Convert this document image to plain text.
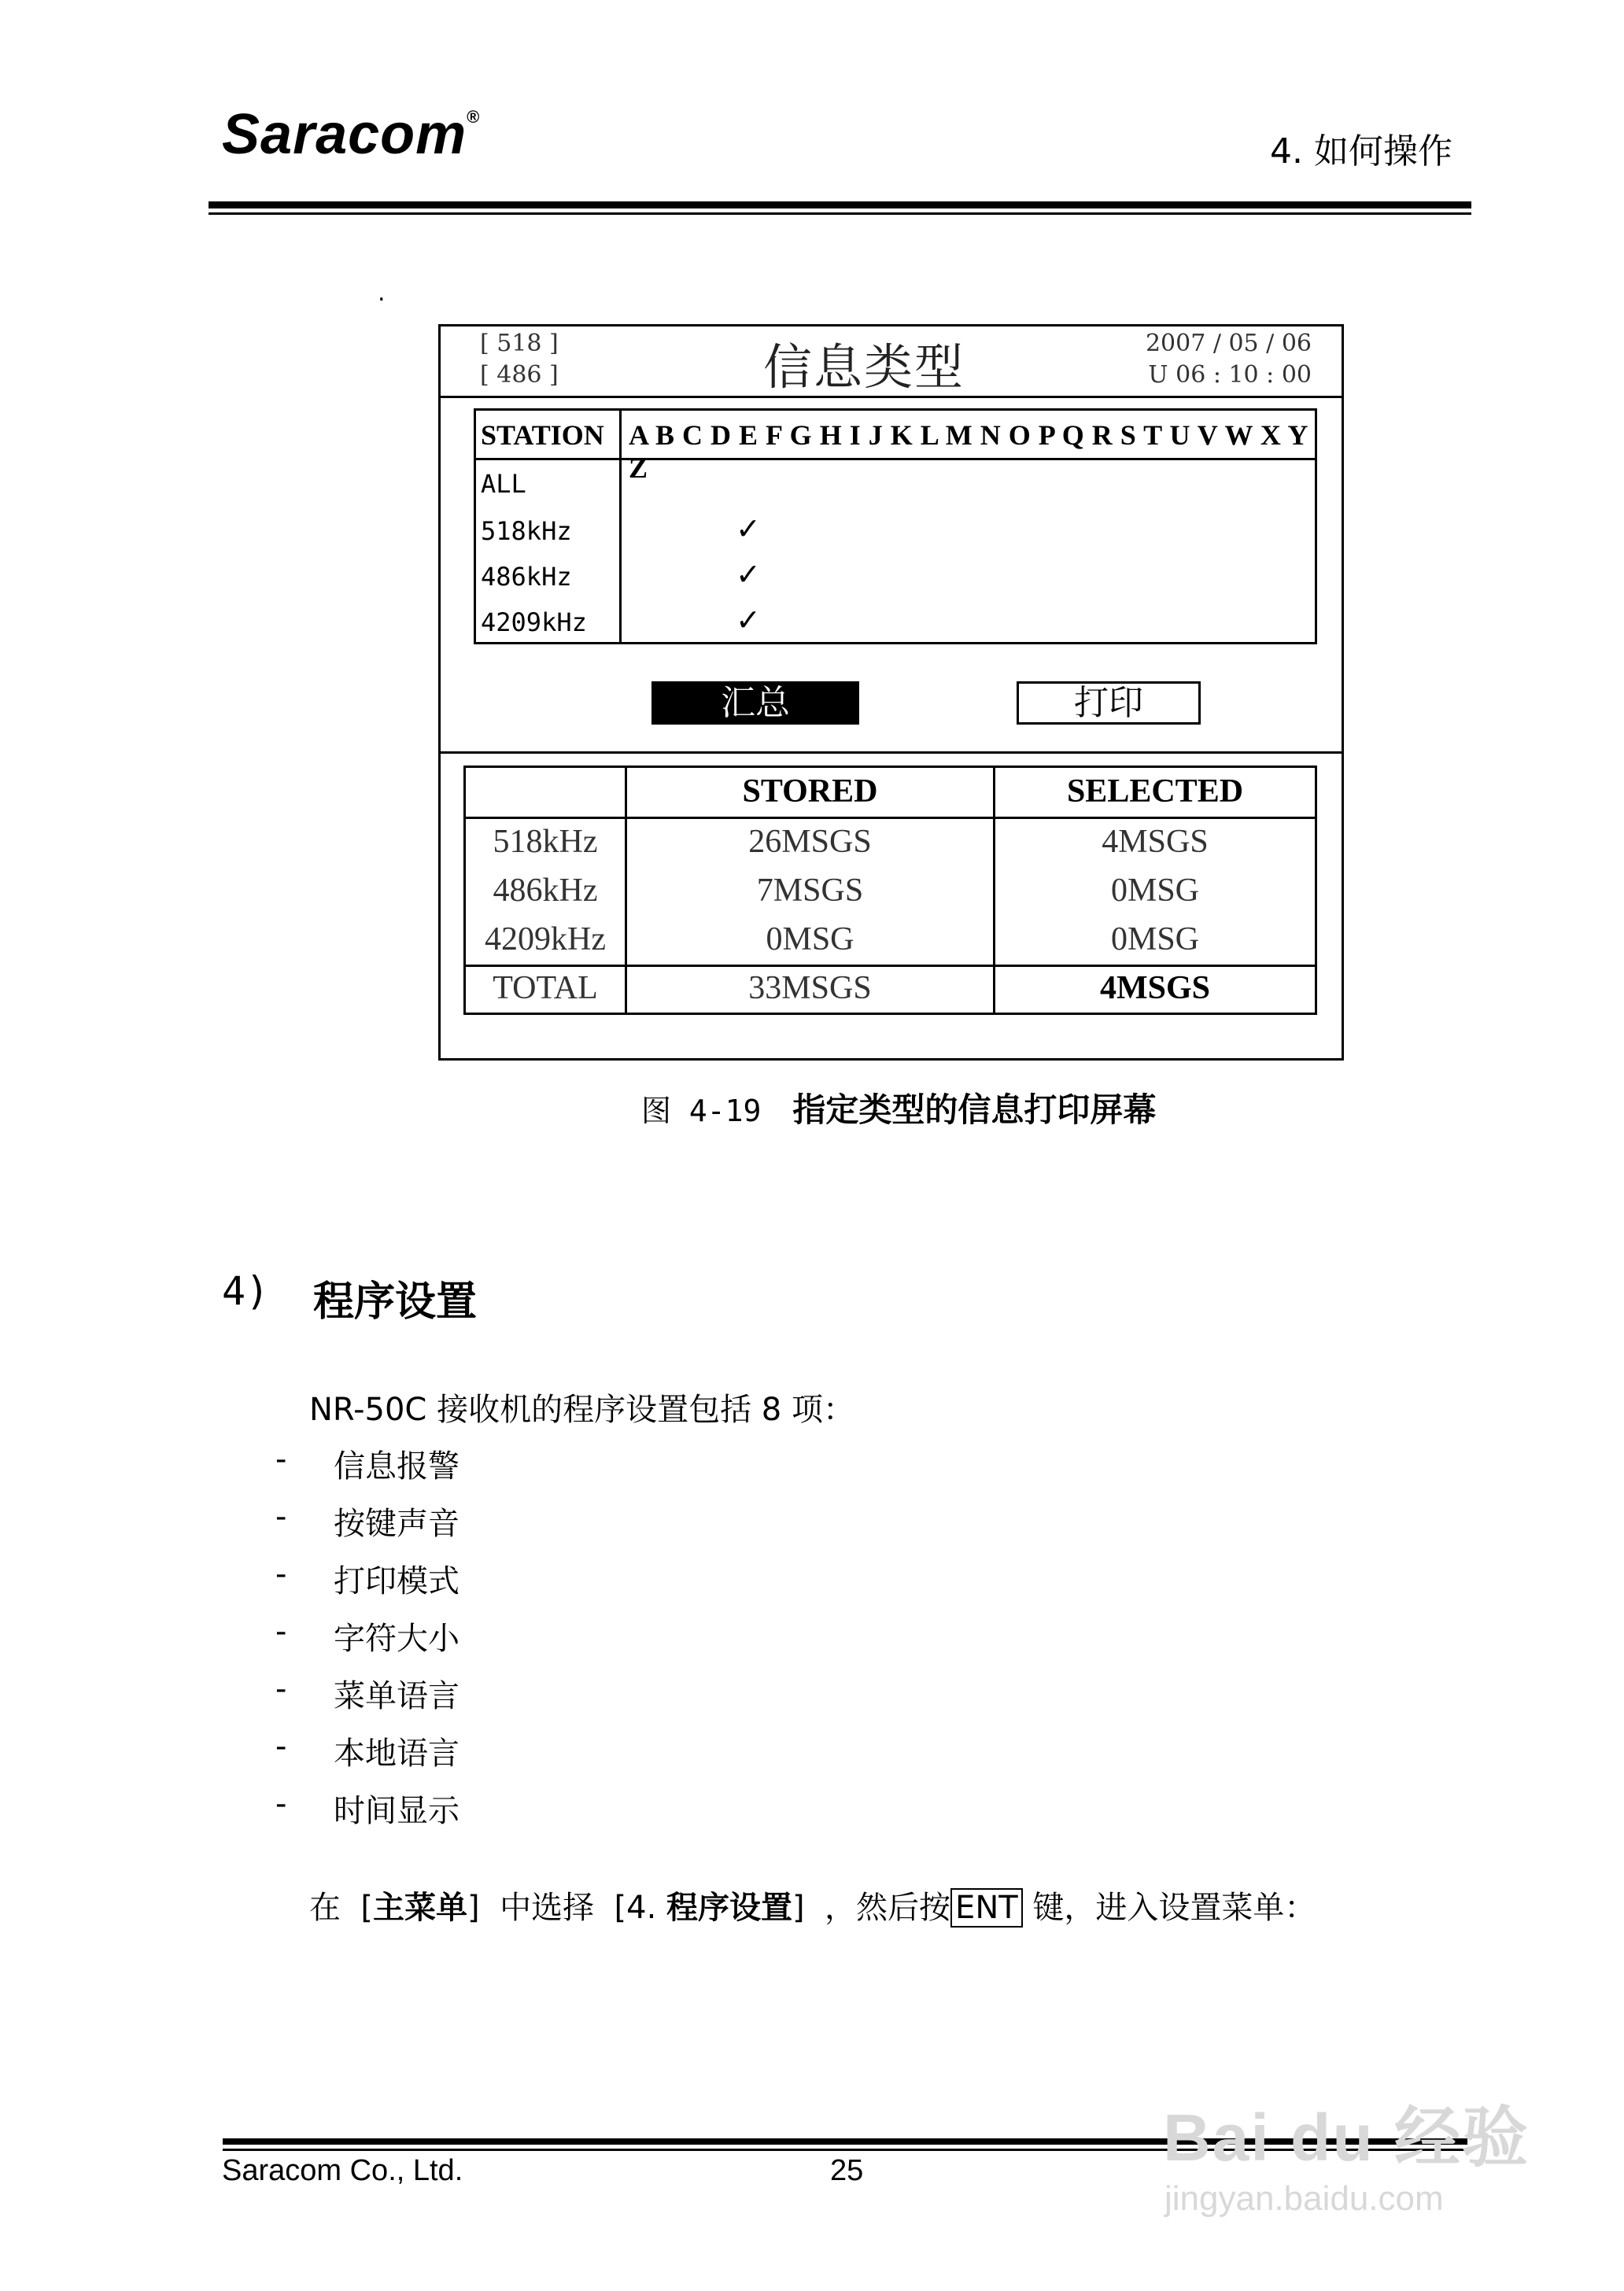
Saracom®
4. 如何操作
.
[ 518 ]
[ 486 ]	信息类型	2007 / 05 / 06
U 06 : 10 : 00
STATION A B C D E F G H I J K L M N O P Q R S T U V W X Y Z
ALL
518kHz	✓
486kHz	✓
4209kHz	✓
汇总	打印
STORED	SELECTED
518kHz	26MSGS	4MSGS
486kHz	7MSGS	0MSG
4209kHz	0MSG	0MSG
TOTAL	33MSGS	4MSGS
图 4-19 指定类型的信息打印屏幕
4) 程序设置
NR-50C 接收机的程序设置包括 8 项：
- 信息报警
- 按键声音
- 打印模式
- 字符大小
- 菜单语言
- 本地语言
- 时间显示
在  [主菜单]  中选择  [4. 程序设置]  ，然后按 ENT 键，进入设置菜单：
Saracom Co., Ltd.	25	Bai du 经验
jingyan.baidu.com
